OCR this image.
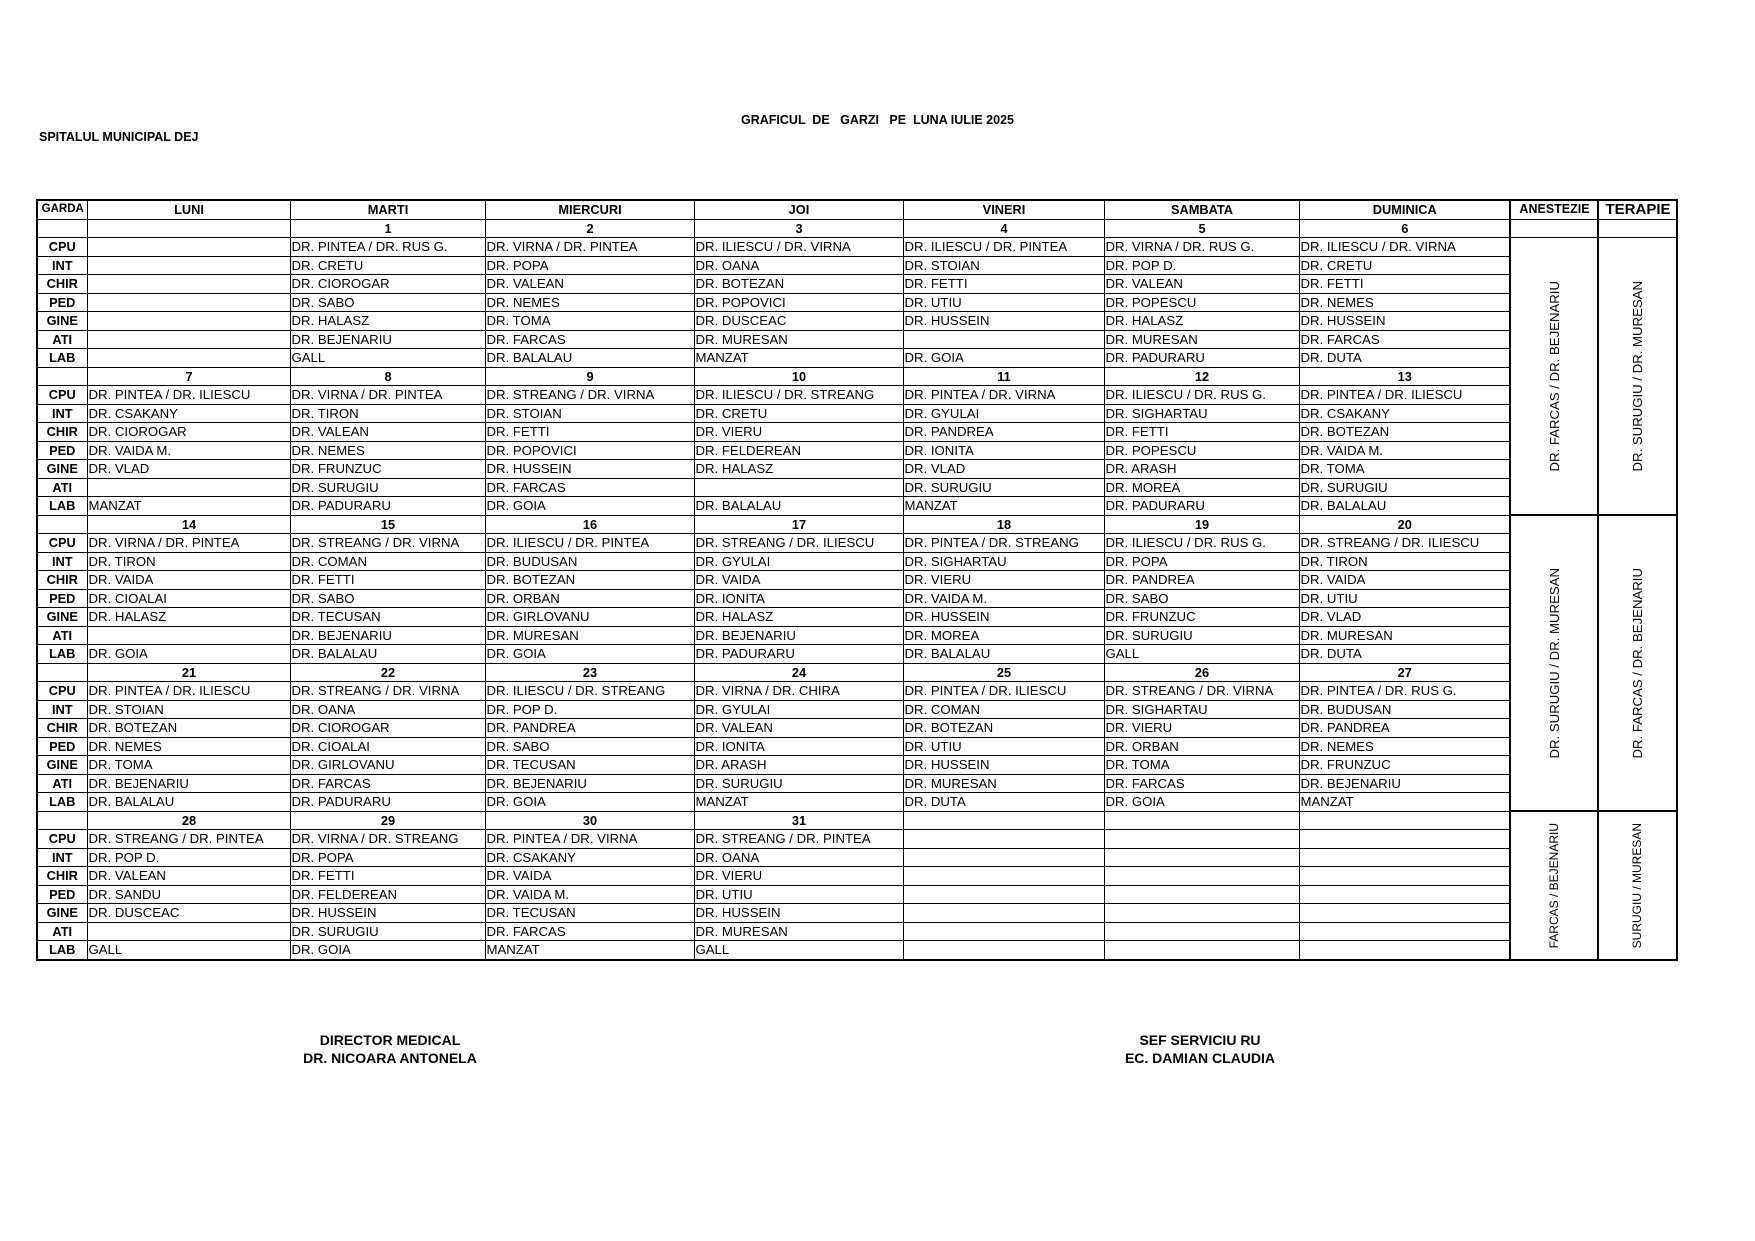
SPITALUL MUNICIPAL DEJ
GRAFICUL  DE   GARZI   PE  LUNA IULIE 2025
GARDA	LUNI	MARTI	MIERCURI	JOI	VINERI	SAMBATA	DUMINICA	ANESTEZIE	TERAPIE
		1	2	3	4	5	6		
CPU		DR. PINTEA / DR. RUS G.	DR. VIRNA / DR. PINTEA	DR. ILIESCU / DR. VIRNA	DR. ILIESCU / DR. PINTEA	DR. VIRNA / DR. RUS G.	DR. ILIESCU / DR. VIRNA	DR. FARCAS / DR. BEJENARIU	DR. SURUGIU / DR. MURESAN

INT		DR. CRETU	DR. POPA	DR. OANA	DR. STOIAN	DR. POP D.	DR. CRETU		
CHIR		DR. CIOROGAR	DR. VALEAN	DR. BOTEZAN	DR. FETTI	DR. VALEAN	DR. FETTI		
PED		DR. SABO	DR. NEMES	DR. POPOVICI	DR. UTIU	DR. POPESCU	DR. NEMES		
GINE		DR. HALASZ	DR. TOMA	DR. DUSCEAC	DR. HUSSEIN	DR. HALASZ	DR. HUSSEIN		
ATI		DR. BEJENARIU	DR. FARCAS	DR. MURESAN		DR. MURESAN	DR. FARCAS		
LAB		GALL	DR. BALALAU	MANZAT	DR. GOIA	DR. PADURARU	DR. DUTA		
	7	8	9	10	11	12	13		
CPU	DR. PINTEA / DR. ILIESCU	DR. VIRNA / DR. PINTEA	DR. STREANG / DR. VIRNA	DR. ILIESCU / DR. STREANG	DR. PINTEA / DR. VIRNA	DR. ILIESCU / DR. RUS G.	DR. PINTEA / DR. ILIESCU		
INT	DR. CSAKANY	DR. TIRON	DR. STOIAN	DR. CRETU	DR. GYULAI	DR. SIGHARTAU	DR. CSAKANY		
CHIR	DR. CIOROGAR	DR. VALEAN	DR. FETTI	DR. VIERU	DR. PANDREA	DR. FETTI	DR. BOTEZAN		
PED	DR. VAIDA M.	DR. NEMES	DR. POPOVICI	DR. FELDEREAN	DR. IONITA	DR. POPESCU	DR. VAIDA M.		
GINE	DR. VLAD	DR. FRUNZUC	DR. HUSSEIN	DR. HALASZ	DR. VLAD	DR. ARASH	DR. TOMA		
ATI		DR. SURUGIU	DR. FARCAS		DR. SURUGIU	DR. MOREA	DR. SURUGIU		
LAB	MANZAT	DR. PADURARU	DR. GOIA	DR. BALALAU	MANZAT	DR. PADURARU	DR. BALALAU		
	14	15	16	17	18	19	20	DR. SURUGIU / DR. MURESAN	DR. FARCAS / DR. BEJENARIU

CPU	DR. VIRNA / DR. PINTEA	DR. STREANG / DR. VIRNA	DR. ILIESCU / DR. PINTEA	DR. STREANG / DR. ILIESCU	DR. PINTEA / DR. STREANG	DR. ILIESCU / DR. RUS G.	DR. STREANG / DR. ILIESCU		
INT	DR. TIRON	DR. COMAN	DR. BUDUSAN	DR. GYULAI	DR. SIGHARTAU	DR. POPA	DR. TIRON		
CHIR	DR. VAIDA	DR. FETTI	DR. BOTEZAN	DR. VAIDA	DR. VIERU	DR. PANDREA	DR. VAIDA		
PED	DR. CIOALAI	DR. SABO	DR. ORBAN	DR. IONITA	DR. VAIDA M.	DR. SABO	DR. UTIU		
GINE	DR. HALASZ	DR. TECUSAN	DR. GIRLOVANU	DR. HALASZ	DR. HUSSEIN	DR. FRUNZUC	DR. VLAD		
ATI		DR. BEJENARIU	DR. MURESAN	DR. BEJENARIU	DR. MOREA	DR. SURUGIU	DR. MURESAN		
LAB	DR. GOIA	DR. BALALAU	DR. GOIA	DR. PADURARU	DR. BALALAU	GALL	DR. DUTA		
	21	22	23	24	25	26	27		
CPU	DR. PINTEA / DR. ILIESCU	DR. STREANG / DR. VIRNA	DR. ILIESCU / DR. STREANG	DR. VIRNA / DR. CHIRA	DR. PINTEA / DR. ILIESCU	DR. STREANG / DR. VIRNA	DR. PINTEA / DR. RUS G.		
INT	DR. STOIAN	DR. OANA	DR. POP D.	DR. GYULAI	DR. COMAN	DR. SIGHARTAU	DR. BUDUSAN		
CHIR	DR. BOTEZAN	DR. CIOROGAR	DR. PANDREA	DR. VALEAN	DR. BOTEZAN	DR. VIERU	DR. PANDREA		
PED	DR. NEMES	DR. CIOALAI	DR. SABO	DR. IONITA	DR. UTIU	DR. ORBAN	DR. NEMES		
GINE	DR. TOMA	DR. GIRLOVANU	DR. TECUSAN	DR. ARASH	DR. HUSSEIN	DR. TOMA	DR. FRUNZUC		
ATI	DR. BEJENARIU	DR. FARCAS	DR. BEJENARIU	DR. SURUGIU	DR. MURESAN	DR. FARCAS	DR. BEJENARIU		
LAB	DR. BALALAU	DR. PADURARU	DR. GOIA	MANZAT	DR. DUTA	DR. GOIA	MANZAT		
	28	29	30	31				FARCAS / BEJENARIU	SURUGIU / MURESAN

CPU	DR. STREANG / DR. PINTEA	DR. VIRNA / DR. STREANG	DR. PINTEA / DR. VIRNA	DR. STREANG / DR. PINTEA					
INT	DR. POP D.	DR. POPA	DR. CSAKANY	DR. OANA					
CHIR	DR. VALEAN	DR. FETTI	DR. VAIDA	DR. VIERU					
PED	DR. SANDU	DR. FELDEREAN	DR. VAIDA M.	DR. UTIU					
GINE	DR. DUSCEAC	DR. HUSSEIN	DR. TECUSAN	DR. HUSSEIN					
ATI		DR. SURUGIU	DR. FARCAS	DR. MURESAN					
LAB	GALL	DR. GOIA	MANZAT	GALL					
DIRECTOR MEDICAL
DR. NICOARA ANTONELA
SEF SERVICIU RU
EC. DAMIAN CLAUDIA
